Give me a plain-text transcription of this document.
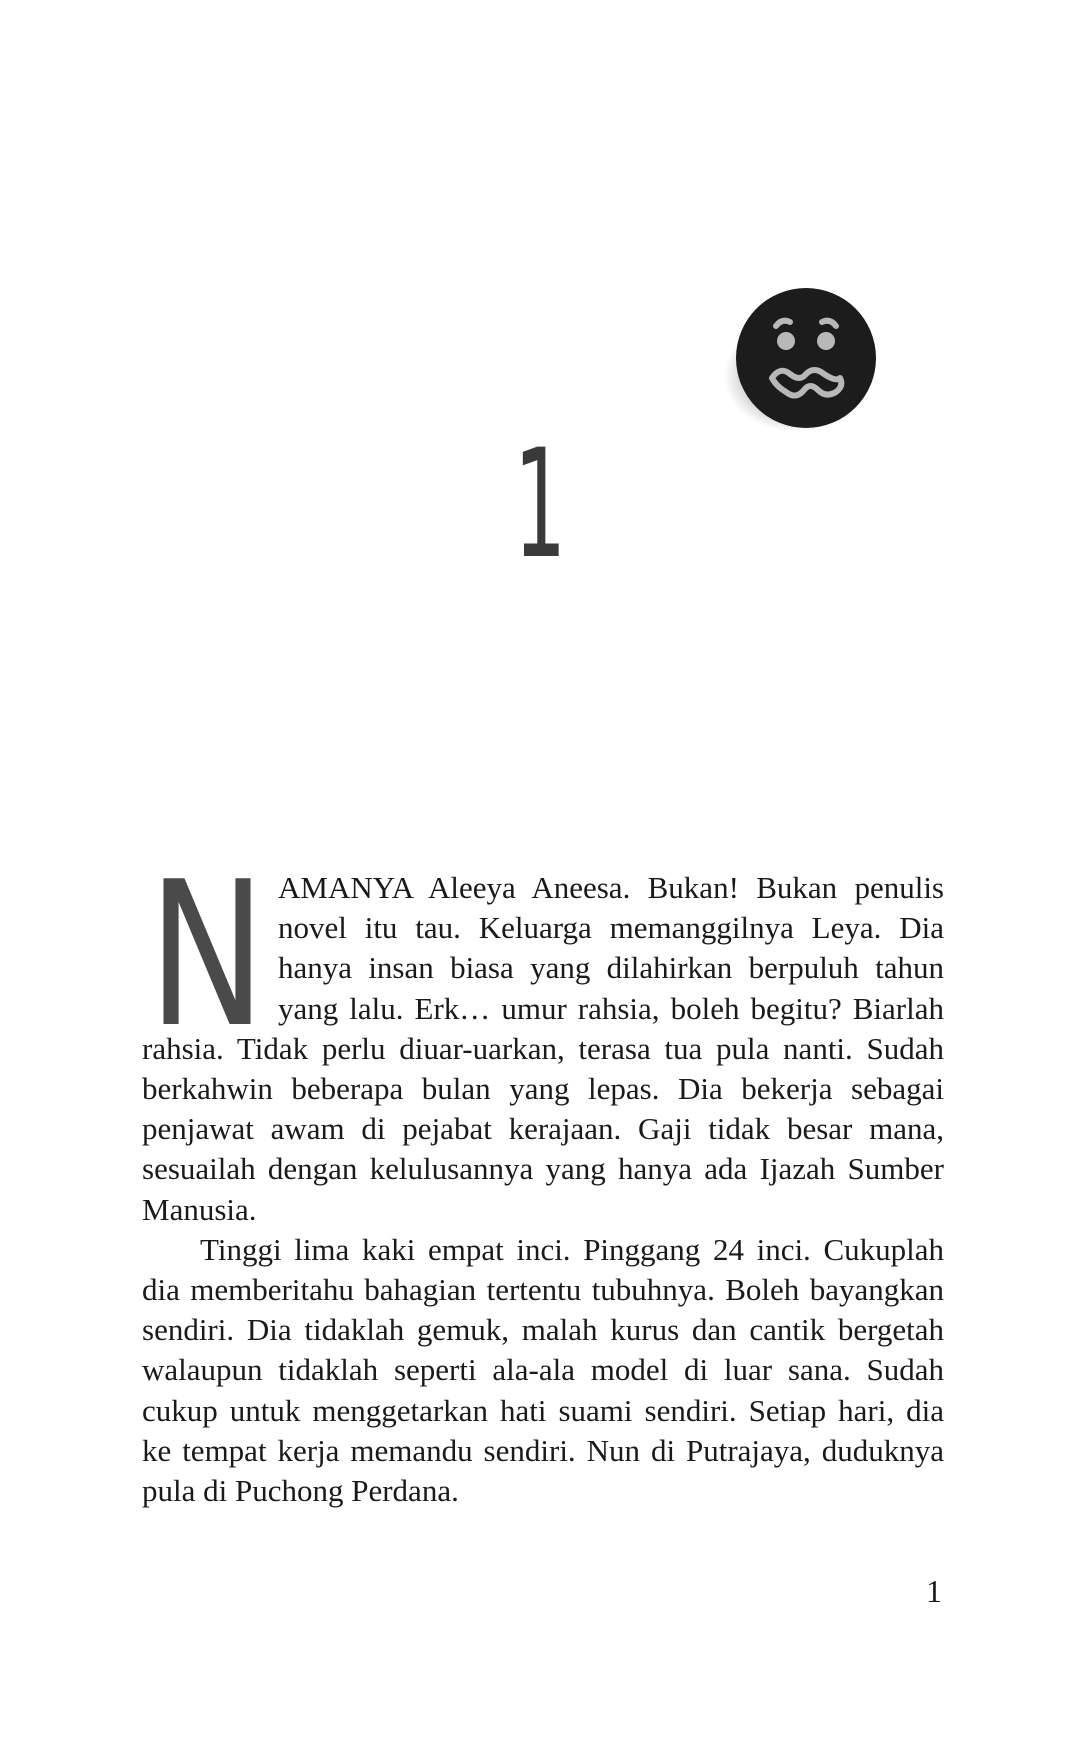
1
N AMANYA Aleeya Aneesa. Bukan! Bukan penulis novel itu tau. Keluarga memanggilnya Leya. Dia hanya insan biasa yang dilahirkan berpuluh tahun yang lalu. Erk… umur rahsia, boleh begitu? Biarlah rahsia. Tidak perlu diuar-uarkan, terasa tua pula nanti. Sudah berkahwin beberapa bulan yang lepas. Dia bekerja sebagai penjawat awam di pejabat kerajaan. Gaji tidak besar mana, sesuailah dengan kelulusannya yang hanya ada Ijazah Sumber Manusia.

Tinggi lima kaki empat inci. Pinggang 24 inci. Cukuplah dia memberitahu bahagian tertentu tubuhnya. Boleh bayangkan sendiri. Dia tidaklah gemuk, malah kurus dan cantik bergetah walaupun tidaklah seperti ala-ala model di luar sana. Sudah cukup untuk menggetarkan hati suami sendiri. Setiap hari, dia ke tempat kerja memandu sendiri. Nun di Putrajaya, duduknya pula di Puchong Perdana.

1
